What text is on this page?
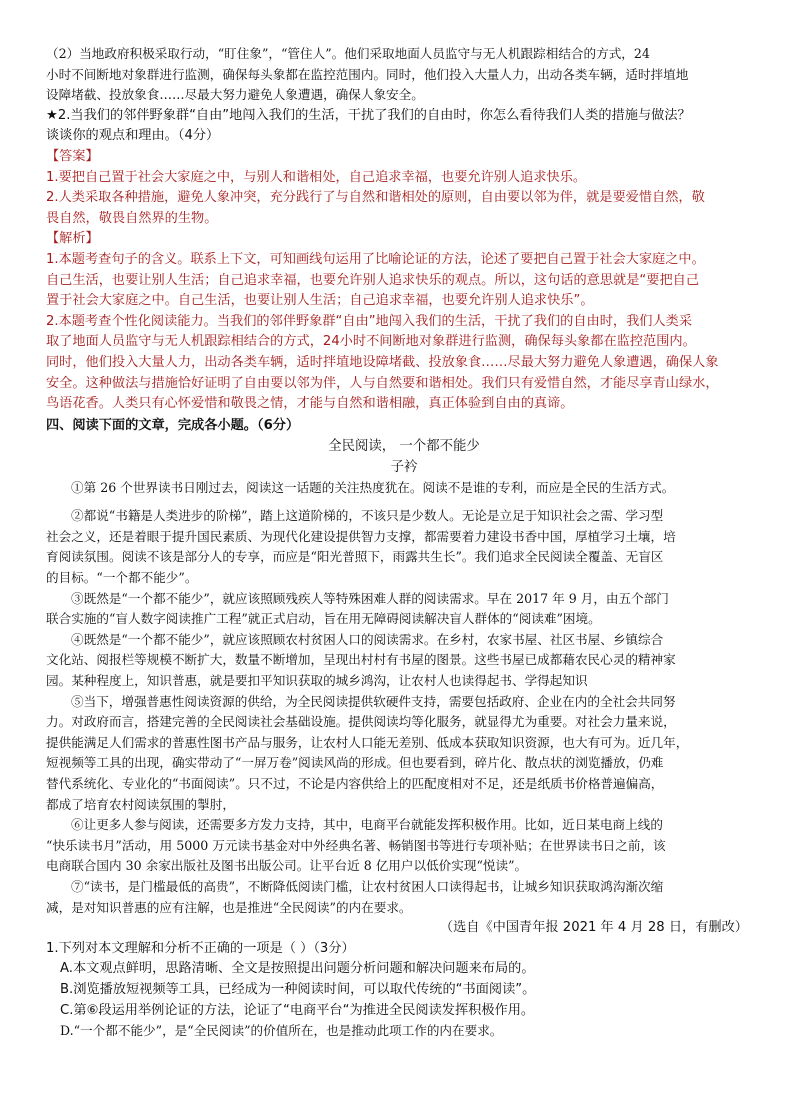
（2）当地政府积极采取行动，“盯住象”，“管住人”。他们采取地面人员监守与无人机跟踪相结合的方式，24
小时不间断地对象群进行监测，确保每头象都在监控范围内。同时，他们投入大量人力，出动各类车辆，适时拌埴地
设障堵截、投放象食……尽最大努力避免人象遭遇，确保人象安全。
★2.当我们的邻伴野象群“自由”地闯入我们的生活，干扰了我们的自由时，你怎么看待我们人类的措施与做法？
谈谈你的观点和理由。（4分）
【答案】
1.要把自己置于社会大家庭之中，与别人和谐相处，自己追求幸福，也要允许别人追求快乐。
2.人类采取各种措施，避免人象冲突，充分践行了与自然和谐相处的原则，自由要以邻为伴，就是要爱惜自然，敬
畏自然，敬畏自然界的生物。
【解析】
1.本题考查句子的含义。联系上下文，可知画线句运用了比喻论证的方法，论述了要把自己置于社会大家庭之中。
自己生活，也要让别人生活；自己追求幸福，也要允许别人追求快乐的观点。所以，这句话的意思就是“要把自己
置于社会大家庭之中。自己生活，也要让别人生活；自己追求幸福，也要允许别人追求快乐”。
2.本题考查个性化阅读能力。当我们的邻伴野象群“自由”地闯入我们的生活，干扰了我们的自由时，我们人类采
取了地面人员监守与无人机跟踪相结合的方式，24小时不间断地对象群进行监测，确保每头象都在监控范围内。
同时，他们投入大量人力，出动各类车辆，适时拌埴地设障堵截、投放象食……尽最大努力避免人象遭遇，确保人象
安全。这种做法与措施恰好证明了自由要以邻为伴，人与自然要和谐相处。我们只有爱惜自然，才能尽享青山绿水，
鸟语花香。人类只有心怀爱惜和敬畏之情，才能与自然和谐相融，真正体验到自由的真谛。
四、阅读下面的文章，完成各小题。（6分）
全民阅读， 一个都不能少
子衿
①第 26 个世界读书日刚过去，阅读这一话题的关注热度犹在。阅读不是谁的专利，而应是全民的生活方式。
②都说“书籍是人类进步的阶梯”，踏上这道阶梯的，不该只是少数人。无论是立足于知识社会之需、学习型
社会之义，还是着眼于提升国民素质、为现代化建设提供智力支撑，都需要着力建设书香中国，厚植学习土壤，培
育阅读氛围。阅读不该是部分人的专享，而应是“阳光普照下，雨露共生长”。我们追求全民阅读全覆盖、无盲区
的目标。“一个都不能少”。
③既然是“一个都不能少”，就应该照顾残疾人等特殊困难人群的阅读需求。早在 2017 年 9 月，由五个部门
联合实施的“盲人数字阅读推广工程”就正式启动，旨在用无障碍阅读解决盲人群体的“阅读难”困境。
④既然是“一个都不能少”，就应该照顾农村贫困人口的阅读需求。在乡村，农家书屋、社区书屋、乡镇综合
文化站、阅报栏等规模不断扩大，数量不断增加，呈现出村村有书屋的图景。这些书屋已成都藉农民心灵的精神家
园。某种程度上，知识普惠，就是要扣平知识获取的城乡鸿沟，让农村人也读得起书、学得起知识
⑤当下，增强普惠性阅读资源的供给，为全民阅读提供软硬件支持，需要包括政府、企业在内的全社会共同努
力。对政府而言，搭建完善的全民阅读社会基础设施。提供阅读均等化服务，就显得尤为重要。对社会力量来说，
提供能满足人们需求的普惠性图书产品与服务，让农村人口能无差别、低成本获取知识资源，也大有可为。近几年，
短视频等工具的出现，确实带动了“一屏万卷”阅读风尚的形成。但也要看到，碎片化、散点状的浏览播放，仍难
替代系统化、专业化的“书面阅读”。只不过，不论是内容供给上的匹配度相对不足，还是纸质书价格普遍偏高，
都成了培育农村阅读氛围的掣肘，
⑥让更多人参与阅读，还需要多方发力支持，其中，电商平台就能发挥积极作用。比如，近日某电商上线的
“快乐读书月”活动，用 5000 万元读书基金对中外经典名著、畅销图书等进行专项补贴；在世界读书日之前，该
电商联合国内 30 余家出版社及图书出版公司。让平台近 8 亿用户以低价实现“悦读”。
⑦“读书，是门槛最低的高贵”，不断降低阅读门槛，让农村贫困人口读得起书，让城乡知识获取鸿沟渐次缩
减，是对知识普惠的应有注解，也是推进“全民阅读”的内在要求。
（选自《中国青年报 2021 年 4 月 28 日，有删改）
1.下列对本文理解和分析不正确的一项是（ ）（3分）
A.本文观点鲜明，思路清晰、全文是按照提出问题分析问题和解决问题来布局的。
B.浏览播放短视频等工具，已经成为一种阅读时间，可以取代传统的“书面阅读”。
C.第⑥段运用举例论证的方法，论证了“电商平台“为推进全民阅读发挥积极作用。
D.“一个都不能少”，是“全民阅读”的价值所在，也是推动此项工作的内在要求。
